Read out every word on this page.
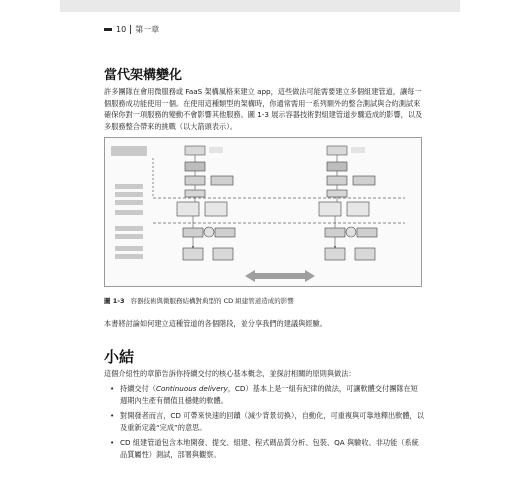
10 第一章
當代架構變化

許多團隊在會用微服務或 FaaS 架構風格來建立 app，這些做法可能需要建立多個組建管道，讓每一個服務成功能使用一個。在使用這種類型的架構時，你通常需用一系列額外的整合測試與合約測試來確保你對一項服務的變動不會影響其他服務。圖 1-3 展示容器技術對組建管道步驟造成的影響，以及多服務整合帶來的挑戰（以大箭頭表示）。

圖 1-3 容器技術與微服務結構對典型的 CD 組建管道造成的影響

本書將討論如何建立這種管道的各個階段，並分享我們的建議與經驗。

小結

這個介紹性的章節告訴你持續交付的核心基本概念，並探討相關的原則與做法：

• 持續交付（Continuous delivery，CD）基本上是一組有紀律的做法，可讓軟體交付團隊在短週期內生產有價值且穩健的軟體。
• 對開發者而言，CD 可帶來快速的回饋（減少背景切換），自動化，可重複與可靠地釋出軟體，以及重新定義“完成”的意思。
• CD 組建管道包含本地開發、提交、組建、程式碼品質分析、包裝、QA 與驗收、非功能（系統品質屬性）測試，部署與觀察。
